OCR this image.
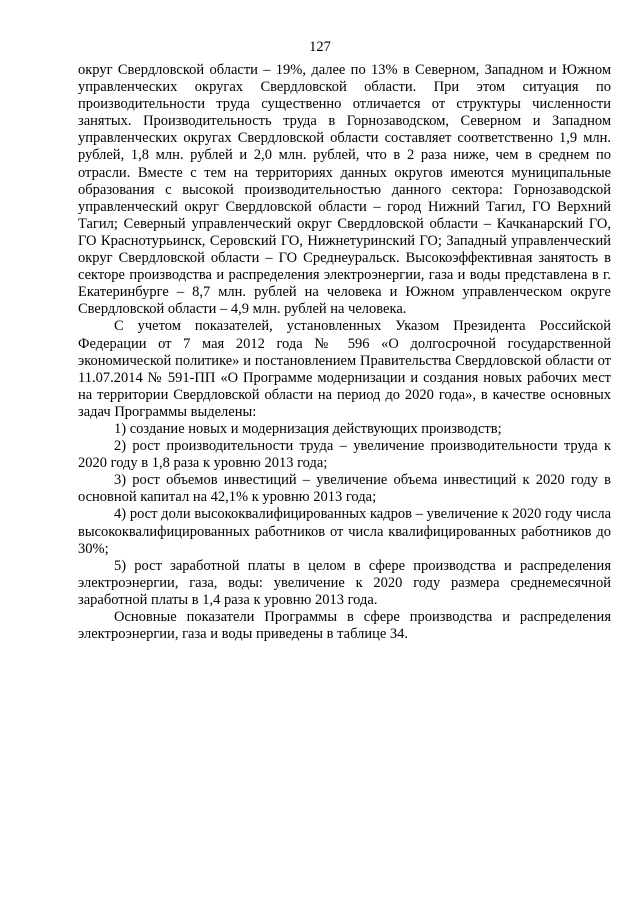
127

округ Свердловской области – 19%, далее по 13% в Северном, Западном и Южном управленческих округах Свердловской области. При этом ситуация по производительности труда существенно отличается от структуры численности занятых. Производительность труда в Горнозаводском, Северном и Западном управленческих округах Свердловской области составляет соответственно 1,9 млн. рублей, 1,8 млн. рублей и 2,0 млн. рублей, что в 2 раза ниже, чем в среднем по отрасли. Вместе с тем на территориях данных округов имеются муниципальные образования с высокой производительностью данного сектора: Горнозаводской управленческий округ Свердловской области – город Нижний Тагил, ГО Верхний Тагил; Северный управленческий округ Свердловской области – Качканарский ГО, ГО Краснотурьинск, Серовский ГО, Нижнетуринский ГО; Западный управленческий округ Свердловской области – ГО Среднеуральск. Высокоэффективная занятость в секторе производства и распределения электроэнергии, газа и воды представлена в г. Екатеринбурге – 8,7 млн. рублей на человека и Южном управленческом округе Свердловской области – 4,9 млн. рублей на человека.

С учетом показателей, установленных Указом Президента Российской Федерации от 7 мая 2012 года № 596 «О долгосрочной государственной экономической политике» и постановлением Правительства Свердловской области от 11.07.2014 № 591-ПП «О Программе модернизации и создания новых рабочих мест на территории Свердловской области на период до 2020 года», в качестве основных задач Программы выделены:

1) создание новых и модернизация действующих производств;

2) рост производительности труда – увеличение производительности труда к 2020 году в 1,8 раза к уровню 2013 года;

3) рост объемов инвестиций – увеличение объема инвестиций к 2020 году в основной капитал на 42,1% к уровню 2013 года;

4) рост доли высококвалифицированных кадров – увеличение к 2020 году числа высококвалифицированных работников от числа квалифицированных работников до 30%;

5) рост заработной платы в целом в сфере производства и распределения электроэнергии, газа, воды: увеличение к 2020 году размера среднемесячной заработной платы в 1,4 раза к уровню 2013 года.

Основные показатели Программы в сфере производства и распределения электроэнергии, газа и воды приведены в таблице 34.
